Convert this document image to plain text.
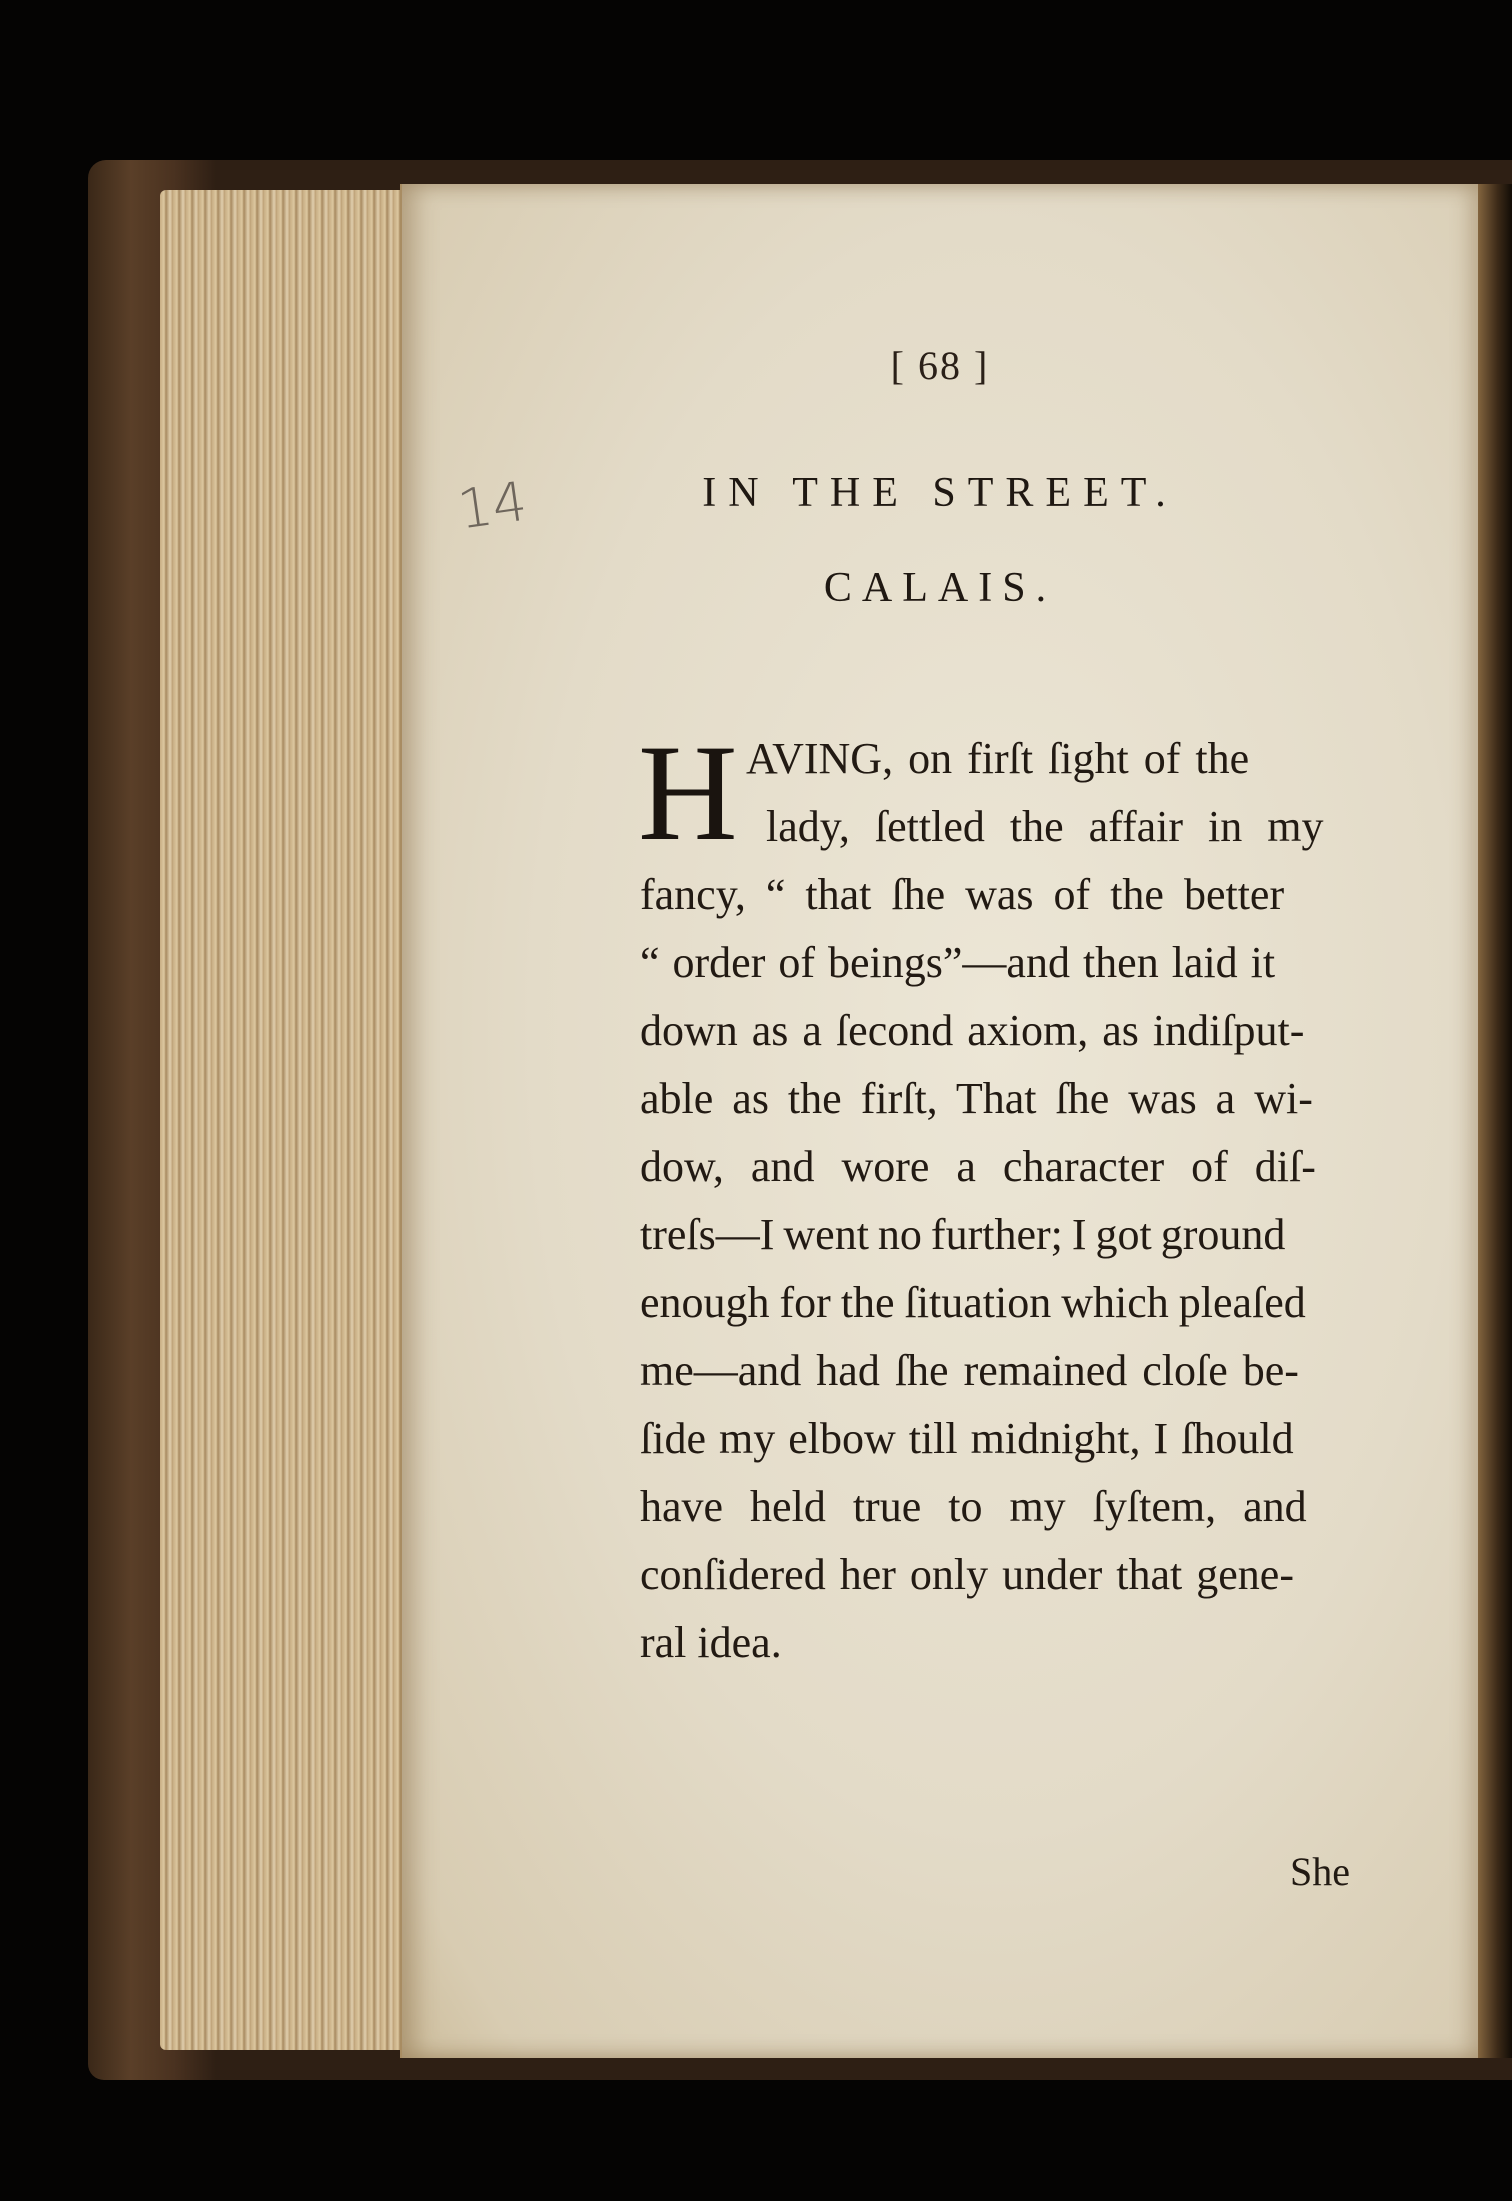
14
[ 68 ]
IN THE STREET.
CALAIS.
H AVING, on firſt ſight of the

lady, ſettled the affair in my

fancy, “ that ſhe was of the better

“ order of beings”—and then laid it

down as a ſecond axiom, as indiſput-

able as the firſt, That ſhe was a wi-

dow, and wore a character of diſ-

treſs—I went no further; I got ground

enough for the ſituation which pleaſed

me—and had ſhe remained cloſe be-

ſide my elbow till midnight, I ſhould

have held true to my ſyſtem, and

conſidered her only under that gene-

ral idea.

She
